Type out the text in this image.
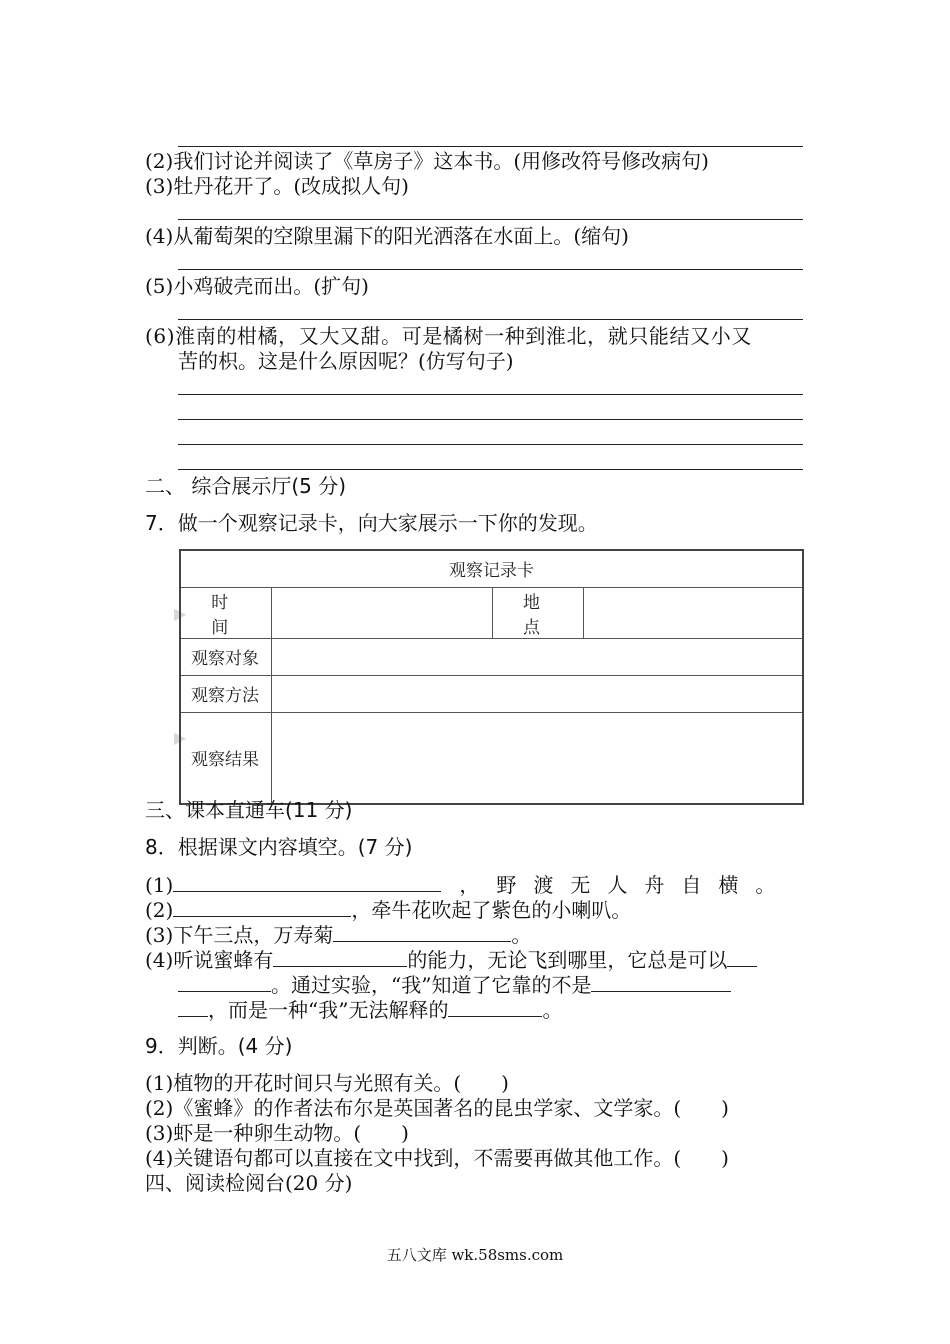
(2)我们讨论并阅读了《草房子》这本书。(用修改符号修改病句)
(3)牡丹花开了。(改成拟人句)
(4)从葡萄架的空隙里漏下的阳光洒落在水面上。(缩句)
(5)小鸡破壳而出。(扩句)
(6)淮南的柑橘，又大又甜。可是橘树一种到淮北，就只能结又小又
苦的枳。这是什么原因呢？(仿写句子)
二、 综合展示厅(5 分)
7．做一个观察记录卡，向大家展示一下你的发现。
▶
▶
观察记录卡			
时 间		地 点	
观察对象			
观察方法			
观察结果			
三、课本直通车(11 分)
8．根据课文内容填空。(7 分)
(1)	，野渡无人舟自横。
(2)	，牵牛花吹起了紫色的小喇叭。
(3)下午三点，万寿菊	。
(4)听说蜜蜂有	的能力，无论飞到哪里，它总是可以
。通过实验，“我”知道了它靠的不是
，而是一种“我”无法解释的	。
9．判断。(4 分)
(1)植物的开花时间只与光照有关。(　　)
(2)《蜜蜂》的作者法布尔是英国著名的昆虫学家、文学家。(　　)
(3)虾是一种卵生动物。(　　)
(4)关键语句都可以直接在文中找到，不需要再做其他工作。(　　)
四、阅读检阅台(20 分)
五八文库 wk.58sms.com
